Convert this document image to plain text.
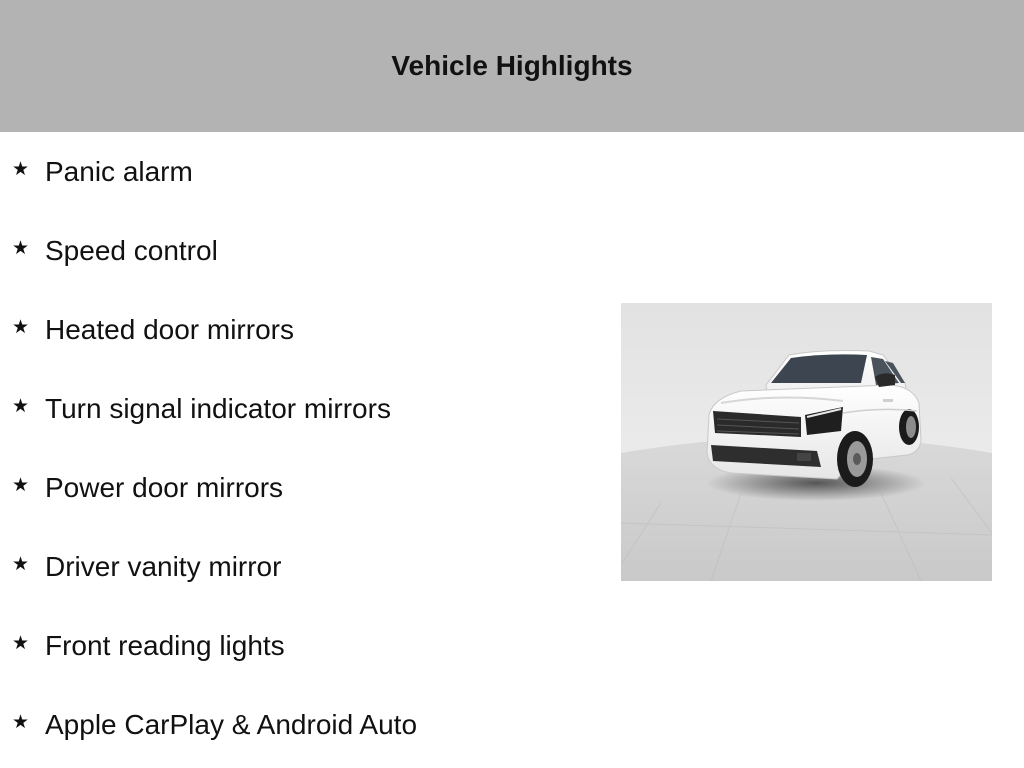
Vehicle Highlights
★ Panic alarm
★ Speed control
★ Heated door mirrors
★ Turn signal indicator mirrors
★ Power door mirrors
★ Driver vanity mirror
★ Front reading lights
★ Apple CarPlay & Android Auto
